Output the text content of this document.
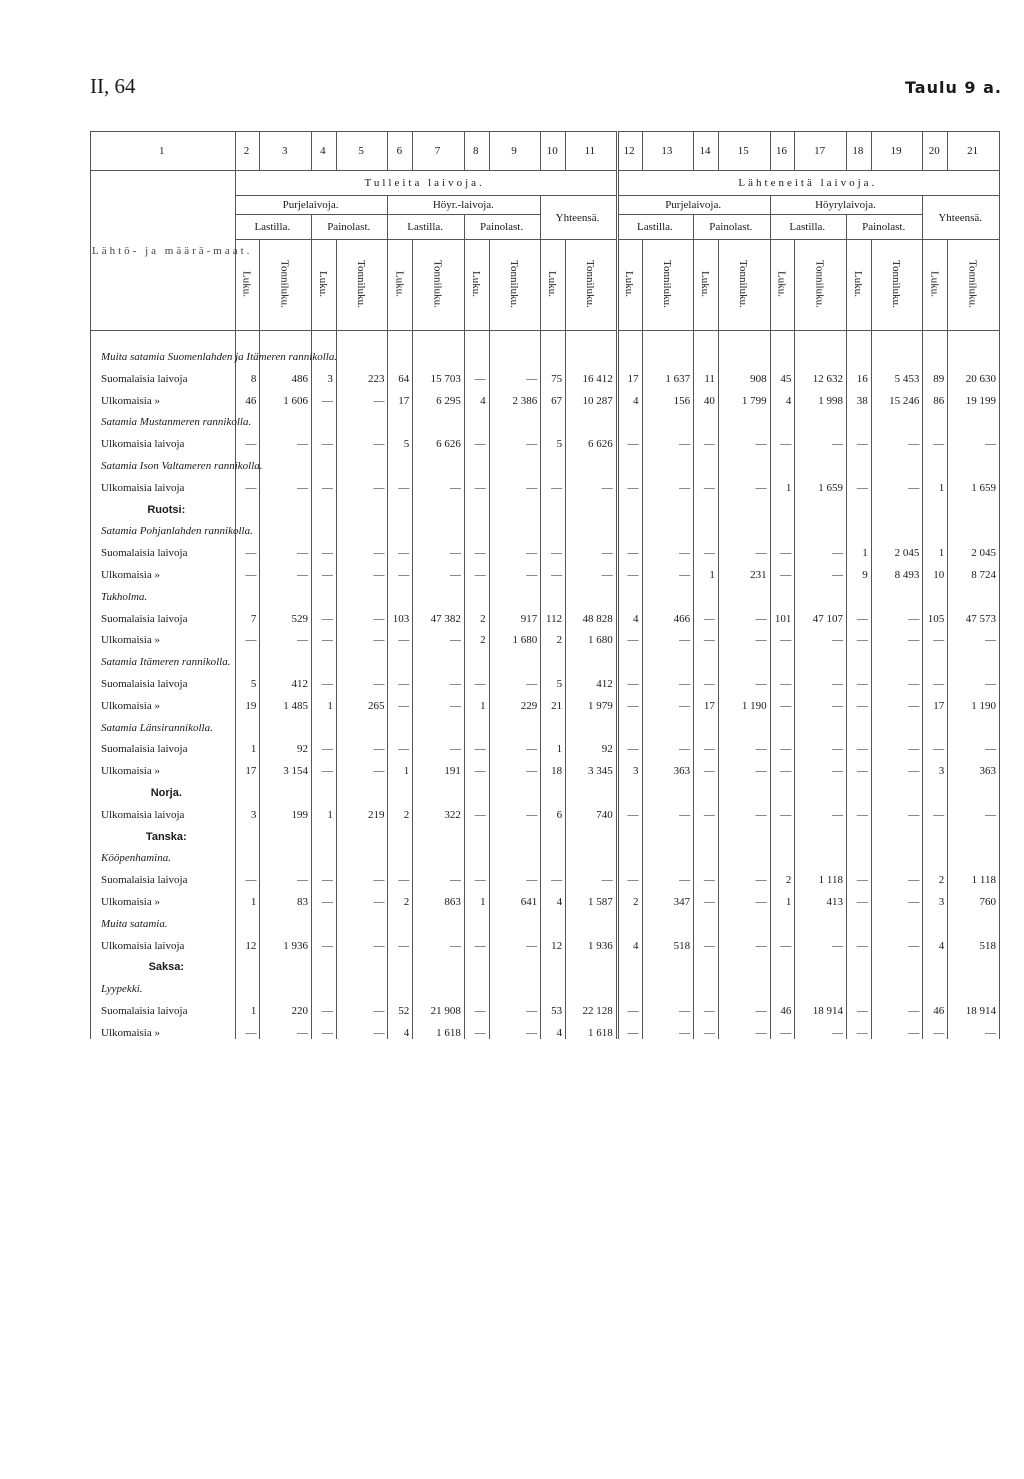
II, 64	Taulu 9 a.
1	2	3	4	5	6	7	8	9	10	11	12	13	14	15	16	17	18	19	20	21
Lähtö- ja määrä-maat.	Tulleita laivoja.										Lähteneitä laivoja.									
	Purjelaivoja.				Höyr.-laivoja.				Yhteensä.		Purjelaivoja.				Höyrylaivoja.				Yhteensä.	
	Lastilla.		Painolast.		Lastilla.		Painolast.				Lastilla.		Painolast.		Lastilla.		Painolast.			
	Luku.	Tonniluku.	Luku.	Tonniluku.	Luku.	Tonniluku.	Luku.	Tonniluku.	Luku.	Tonniluku.	Luku.	Tonniluku.	Luku.	Tonniluku.	Luku.	Tonniluku.	Luku.	Tonniluku.	Luku.	Tonniluku.
Muita satamia Suomenlahden ja Itämeren rannikolla.																				
Suomalaisia laivoja	8	486	3	223	64	15 703	—	—	75	16 412	17	1 637	11	908	45	12 632	16	5 453	89	20 630
Ulkomaisia »	46	1 606	—	—	17	6 295	4	2 386	67	10 287	4	156	40	1 799	4	1 998	38	15 246	86	19 199
Satamia Mustanmeren rannikolla.																				
Ulkomaisia laivoja	—	—	—	—	5	6 626	—	—	5	6 626	—	—	—	—	—	—	—	—	—	—
Satamia Ison Valtameren rannikolla.																				
Ulkomaisia laivoja	—	—	—	—	—	—	—	—	—	—	—	—	—	—	1	1 659	—	—	1	1 659
Ruotsi:																				
Satamia Pohjanlahden rannikolla.																				
Suomalaisia laivoja	—	—	—	—	—	—	—	—	—	—	—	—	—	—	—	—	1	2 045	1	2 045
Ulkomaisia »	—	—	—	—	—	—	—	—	—	—	—	—	1	231	—	—	9	8 493	10	8 724
Tukholma.																				
Suomalaisia laivoja	7	529	—	—	103	47 382	2	917	112	48 828	4	466	—	—	101	47 107	—	—	105	47 573
Ulkomaisia »	—	—	—	—	—	—	2	1 680	2	1 680	—	—	—	—	—	—	—	—	—	—
Satamia Itämeren rannikolla.																				
Suomalaisia laivoja	5	412	—	—	—	—	—	—	5	412	—	—	—	—	—	—	—	—	—	—
Ulkomaisia »	19	1 485	1	265	—	—	1	229	21	1 979	—	—	17	1 190	—	—	—	—	17	1 190
Satamia Länsirannikolla.																				
Suomalaisia laivoja	1	92	—	—	—	—	—	—	1	92	—	—	—	—	—	—	—	—	—	—
Ulkomaisia »	17	3 154	—	—	1	191	—	—	18	3 345	3	363	—	—	—	—	—	—	3	363
Norja.																				
Ulkomaisia laivoja	3	199	1	219	2	322	—	—	6	740	—	—	—	—	—	—	—	—	—	—
Tanska:																				
Kööpenhamina.																				
Suomalaisia laivoja	—	—	—	—	—	—	—	—	—	—	—	—	—	—	2	1 118	—	—	2	1 118
Ulkomaisia »	1	83	—	—	2	863	1	641	4	1 587	2	347	—	—	1	413	—	—	3	760
Muita satamia.																				
Ulkomaisia laivoja	12	1 936	—	—	—	—	—	—	12	1 936	4	518	—	—	—	—	—	—	4	518
Saksa:																				
Lyypekki.																				
Suomalaisia laivoja	1	220	—	—	52	21 908	—	—	53	22 128	—	—	—	—	46	18 914	—	—	46	18 914
Ulkomaisia »	—	—	—	—	4	1 618	—	—	4	1 618	—	—	—	—	—	—	—	—	—	—
